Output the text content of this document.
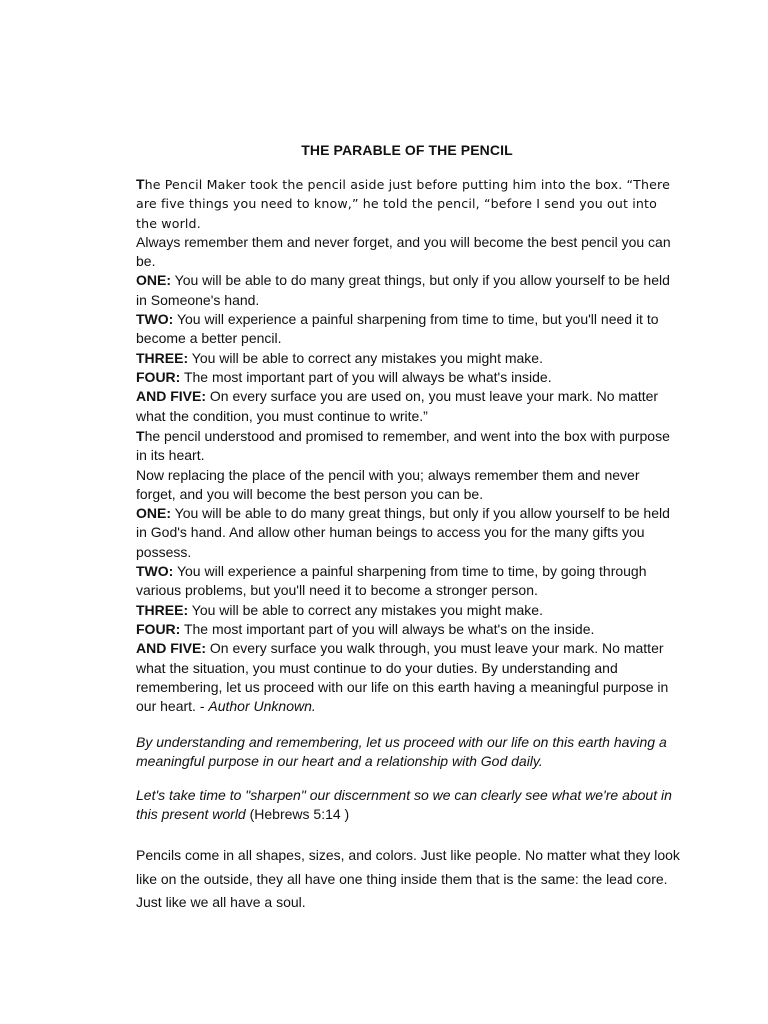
THE PARABLE OF THE PENCIL

The Pencil Maker took the pencil aside just before putting him into the box. “There are five things you need to know,” he told the pencil, “before I send you out into the world.

Always remember them and never forget, and you will become the best pencil you can be.

ONE: You will be able to do many great things, but only if you allow yourself to be held in Someone's hand.

TWO: You will experience a painful sharpening from time to time, but you'll need it to become a better pencil.

THREE: You will be able to correct any mistakes you might make.

FOUR: The most important part of you will always be what's inside.

AND FIVE: On every surface you are used on, you must leave your mark. No matter what the condition, you must continue to write.”

The pencil understood and promised to remember, and went into the box with purpose in its heart.

Now replacing the place of the pencil with you; always remember them and never forget, and you will become the best person you can be.

ONE: You will be able to do many great things, but only if you allow yourself to be held in God's hand. And allow other human beings to access you for the many gifts you possess.

TWO: You will experience a painful sharpening from time to time, by going through various problems, but you'll need it to become a stronger person.

THREE: You will be able to correct any mistakes you might make.

FOUR: The most important part of you will always be what's on the inside.

AND FIVE: On every surface you walk through, you must leave your mark. No matter what the situation, you must continue to do your duties. By understanding and remembering, let us proceed with our life on this earth having a meaningful purpose in our heart. - Author Unknown.

By understanding and remembering, let us proceed with our life on this earth having a meaningful purpose in our heart and a relationship with God daily.

Let's take time to "sharpen" our discernment so we can clearly see what we're about in this present world (Hebrews 5:14 )

Pencils come in all shapes, sizes, and colors. Just like people. No matter what they look like on the outside, they all have one thing inside them that is the same: the lead core. Just like we all have a soul.
